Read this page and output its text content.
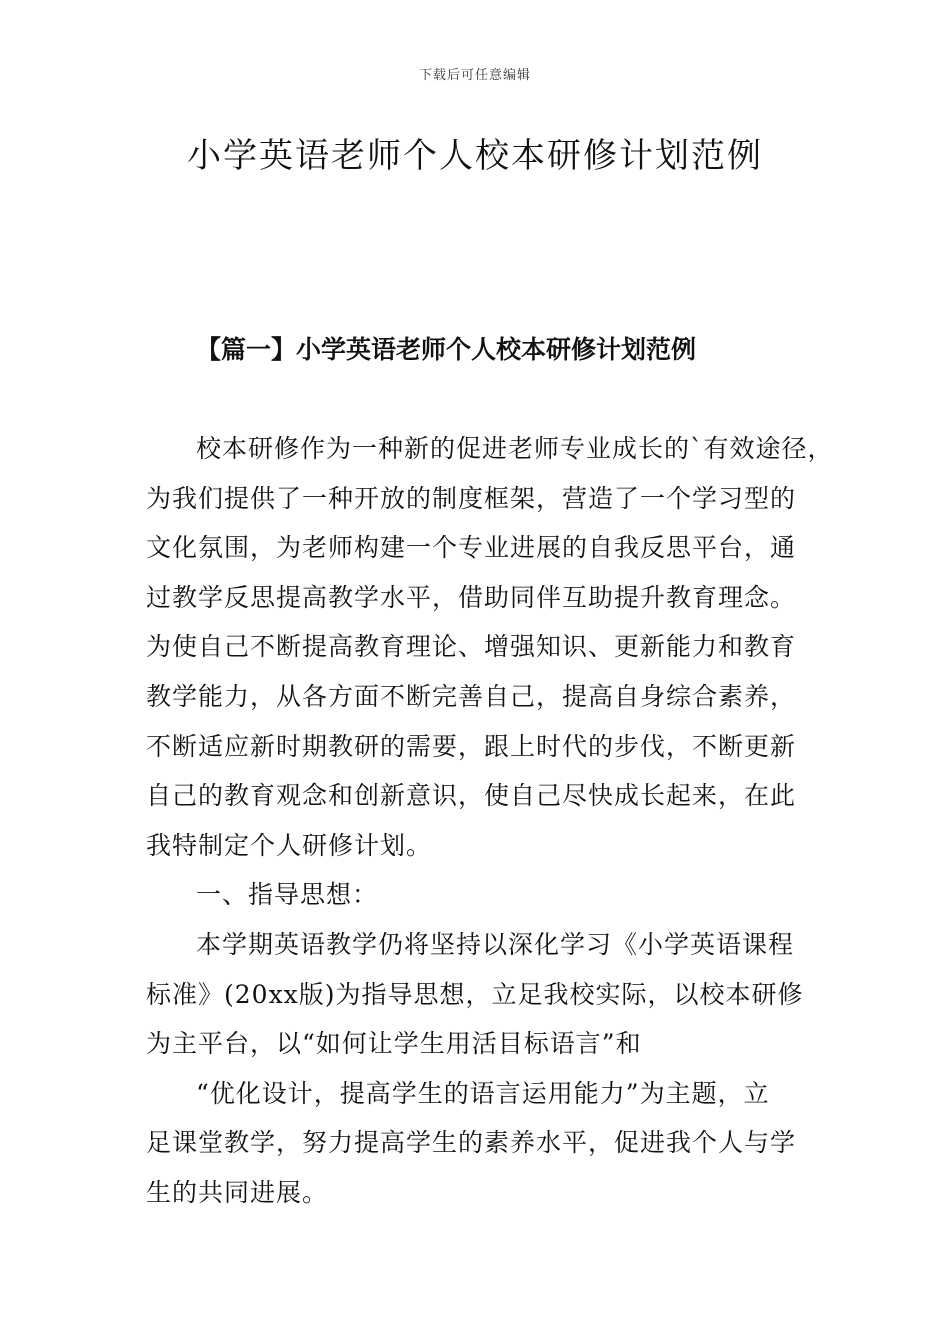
下载后可任意编辑
小学英语老师个人校本研修计划范例
【篇一】小学英语老师个人校本研修计划范例
校本研修作为一种新的促进老师专业成长的`有效途径，
为我们提供了一种开放的制度框架，营造了一个学习型的
文化氛围，为老师构建一个专业进展的自我反思平台，通
过教学反思提高教学水平，借助同伴互助提升教育理念。
为使自己不断提高教育理论、增强知识、更新能力和教育
教学能力，从各方面不断完善自己，提高自身综合素养，
不断适应新时期教研的需要，跟上时代的步伐，不断更新
自己的教育观念和创新意识，使自己尽快成长起来，在此
我特制定个人研修计划。
一、指导思想：
本学期英语教学仍将坚持以深化学习《小学英语课程
标准》(20xx版)为指导思想，立足我校实际，以校本研修
为主平台，以“如何让学生用活目标语言”和
“优化设计，提高学生的语言运用能力”为主题，立
足课堂教学，努力提高学生的素养水平，促进我个人与学
生的共同进展。
